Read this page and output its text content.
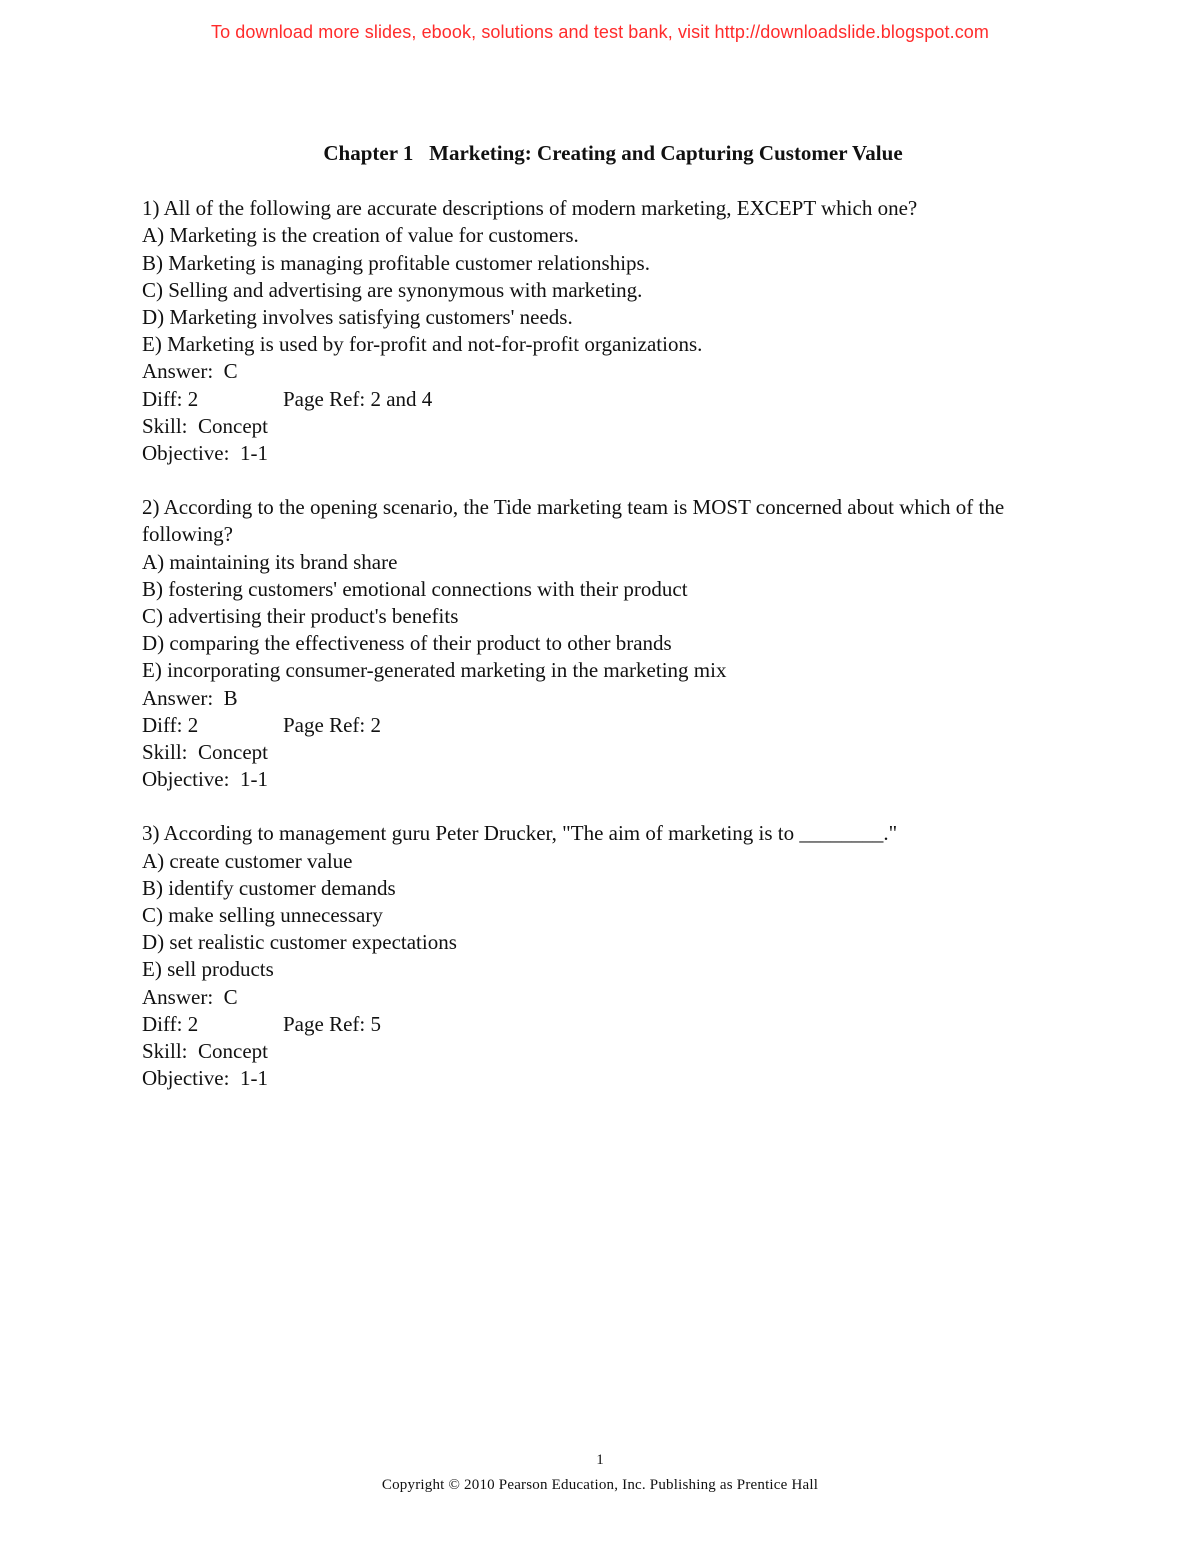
To download more slides, ebook, solutions and test bank, visit http://downloadslide.blogspot.com
Chapter 1   Marketing: Creating and Capturing Customer Value

1) All of the following are accurate descriptions of modern marketing, EXCEPT which one?

A) Marketing is the creation of value for customers.

B) Marketing is managing profitable customer relationships.

C) Selling and advertising are synonymous with marketing.

D) Marketing involves satisfying customers' needs.

E) Marketing is used by for-profit and not-for-profit organizations.

Answer:  C

Diff: 2	Page Ref: 2 and 4

Skill:  Concept

Objective:  1-1

2) According to the opening scenario, the Tide marketing team is MOST concerned about which of the following?

A) maintaining its brand share

B) fostering customers' emotional connections with their product

C) advertising their product's benefits

D) comparing the effectiveness of their product to other brands

E) incorporating consumer-generated marketing in the marketing mix

Answer:  B

Diff: 2	Page Ref: 2

Skill:  Concept

Objective:  1-1

3) According to management guru Peter Drucker, "The aim of marketing is to ________."

A) create customer value

B) identify customer demands

C) make selling unnecessary

D) set realistic customer expectations

E) sell products

Answer:  C

Diff: 2	Page Ref: 5

Skill:  Concept

Objective:  1-1

1
Copyright © 2010 Pearson Education, Inc. Publishing as Prentice Hall
